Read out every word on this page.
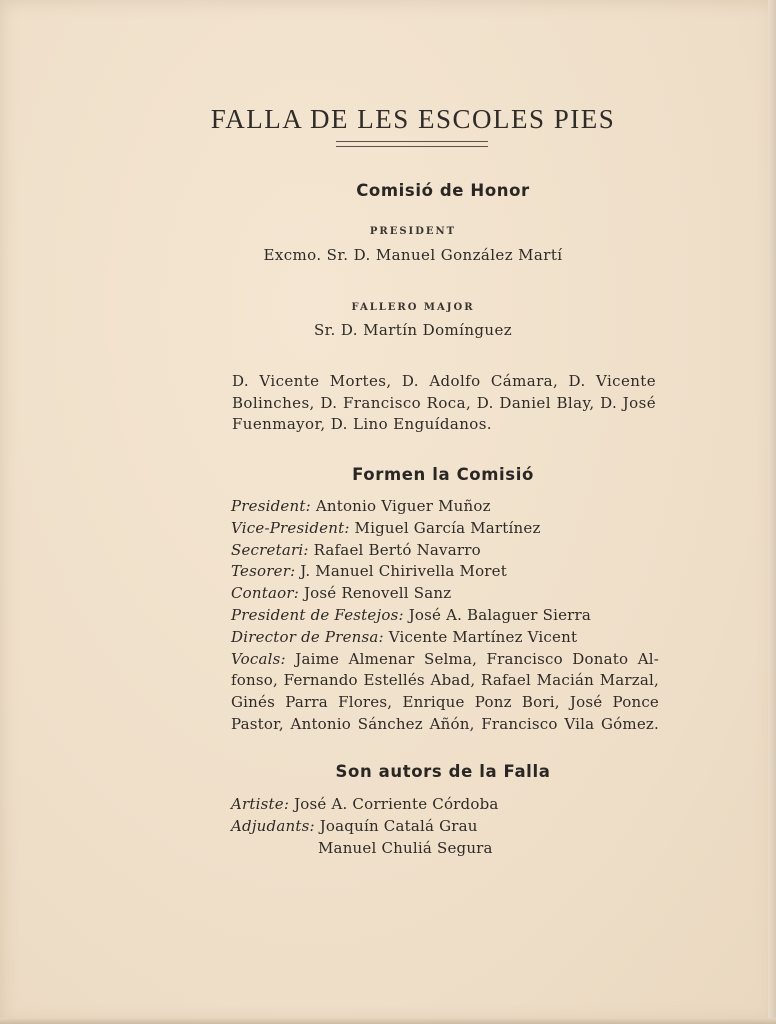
FALLA DE LES ESCOLES PIES
Comisió de Honor
PRESIDENT
Excmo. Sr. D. Manuel González Martí
FALLERO MAJOR
Sr. D. Martín Domínguez
D. Vicente Mortes, D. Adolfo Cámara, D. Vicente
Bolinches, D. Francisco Roca, D. Daniel Blay, D. José
Fuenmayor, D. Lino Enguídanos.
Formen la Comisió
President: Antonio Viguer Muñoz
Vice-President: Miguel García Martínez
Secretari: Rafael Bertó Navarro
Tesorer: J. Manuel Chirivella Moret
Contaor: José Renovell Sanz
President de Festejos: José A. Balaguer Sierra
Director de Prensa: Vicente Martínez Vicent
Vocals: Jaime Almenar Selma, Francisco Donato Al-
fonso, Fernando Estellés Abad, Rafael Macián Marzal,
Ginés Parra Flores, Enrique Ponz Bori, José Ponce
Pastor, Antonio Sánchez Añón, Francisco Vila Gómez.
Son autors de la Falla
Artiste: José A. Corriente Córdoba
Adjudants: Joaquín Catalá Grau
Manuel Chuliá Segura
